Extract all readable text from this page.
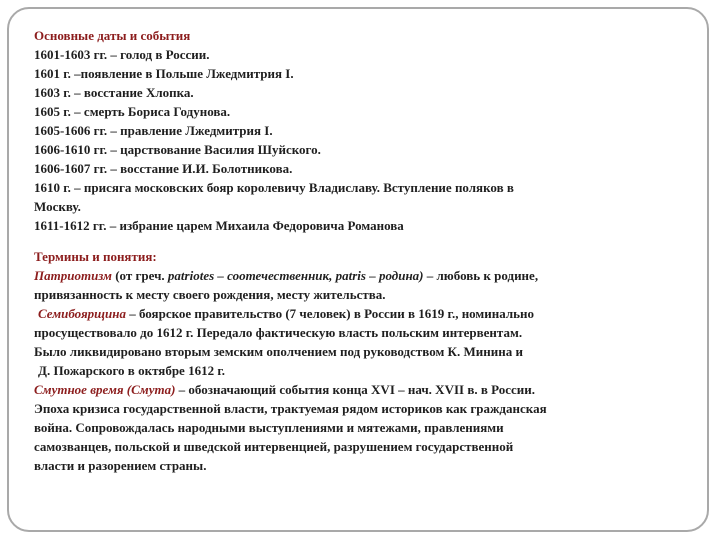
Основные даты и события
1601-1603 гг. – голод в России.
1601 г. –появление в Польше Лжедмитрия I.
1603 г. – восстание Хлопка.
1605 г. – смерть Бориса Годунова.
1605-1606 гг. – правление Лжедмитрия I.
1606-1610 гг. – царствование Василия Шуйского.
1606-1607 гг. – восстание И.И. Болотникова.
1610 г. – присяга московских бояр королевичу Владиславу. Вступление поляков в
Москву.
1611-1612 гг. – избрание царем Михаила Федоровича Романова
Термины и понятия:
Патриотизм (от греч. patriotes – соотечественник, patris – родина) – любовь к родине,
привязанность к месту своего рождения, месту жительства.
Семибоярщина – боярское правительство (7 человек) в России в 1619 г., номинально
просуществовало до 1612 г. Передало фактическую власть польским интервентам.
Было ликвидировано вторым земским ополчением под руководством К. Минина и
Д. Пожарского в октябре 1612 г.
Смутное время (Смута) – обозначающий события конца XVI – нач. XVII в. в России.
Эпоха кризиса государственной власти, трактуемая рядом историков как гражданская
война. Сопровождалась народными выступлениями и мятежами, правлениями
самозванцев, польской и шведской интервенцией, разрушением государственной
власти и разорением страны.
